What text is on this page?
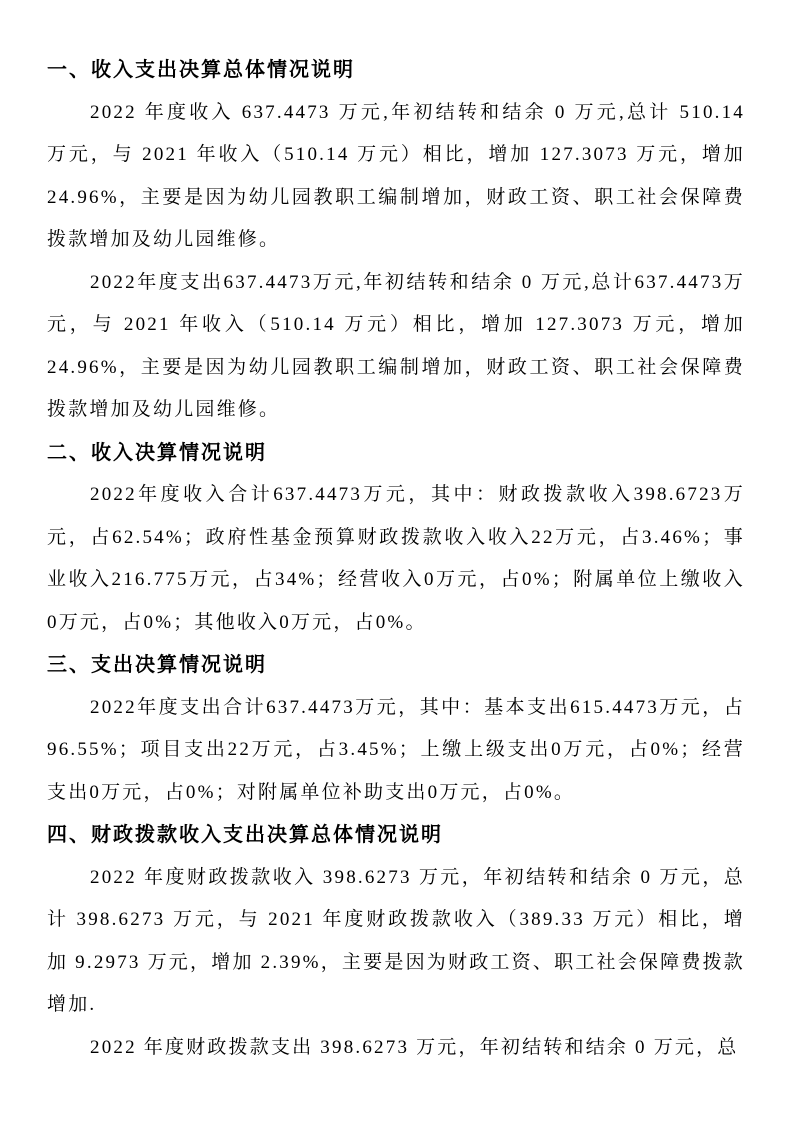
一、收入支出决算总体情况说明

2022 年度收入 637.4473 万元,年初结转和结余 0 万元,总计 510.14 万元，与 2021 年收入（510.14 万元）相比，增加 127.3073 万元，增加 24.96%，主要是因为幼儿园教职工编制增加，财政工资、职工社会保障费拨款增加及幼儿园维修。

2022年度支出637.4473万元,年初结转和结余 0 万元,总计637.4473万元，与 2021 年收入（510.14 万元）相比，增加 127.3073 万元，增加24.96%，主要是因为幼儿园教职工编制增加，财政工资、职工社会保障费拨款增加及幼儿园维修。

二、收入决算情况说明

2022年度收入合计637.4473万元，其中：财政拨款收入398.6723万元，占62.54%；政府性基金预算财政拨款收入收入22万元，占3.46%；事业收入216.775万元，占34%；经营收入0万元，占0%；附属单位上缴收入0万元，占0%；其他收入0万元，占0%。

三、支出决算情况说明

2022年度支出合计637.4473万元，其中：基本支出615.4473万元，占96.55%；项目支出22万元，占3.45%；上缴上级支出0万元，占0%；经营支出0万元，占0%；对附属单位补助支出0万元，占0%。

四、财政拨款收入支出决算总体情况说明

2022 年度财政拨款收入 398.6273 万元，年初结转和结余 0 万元，总计 398.6273 万元，与 2021 年度财政拨款收入（389.33 万元）相比，增加 9.2973 万元，增加 2.39%，主要是因为财政工资、职工社会保障费拨款增加.

2022 年度财政拨款支出 398.6273 万元，年初结转和结余 0 万元，总
